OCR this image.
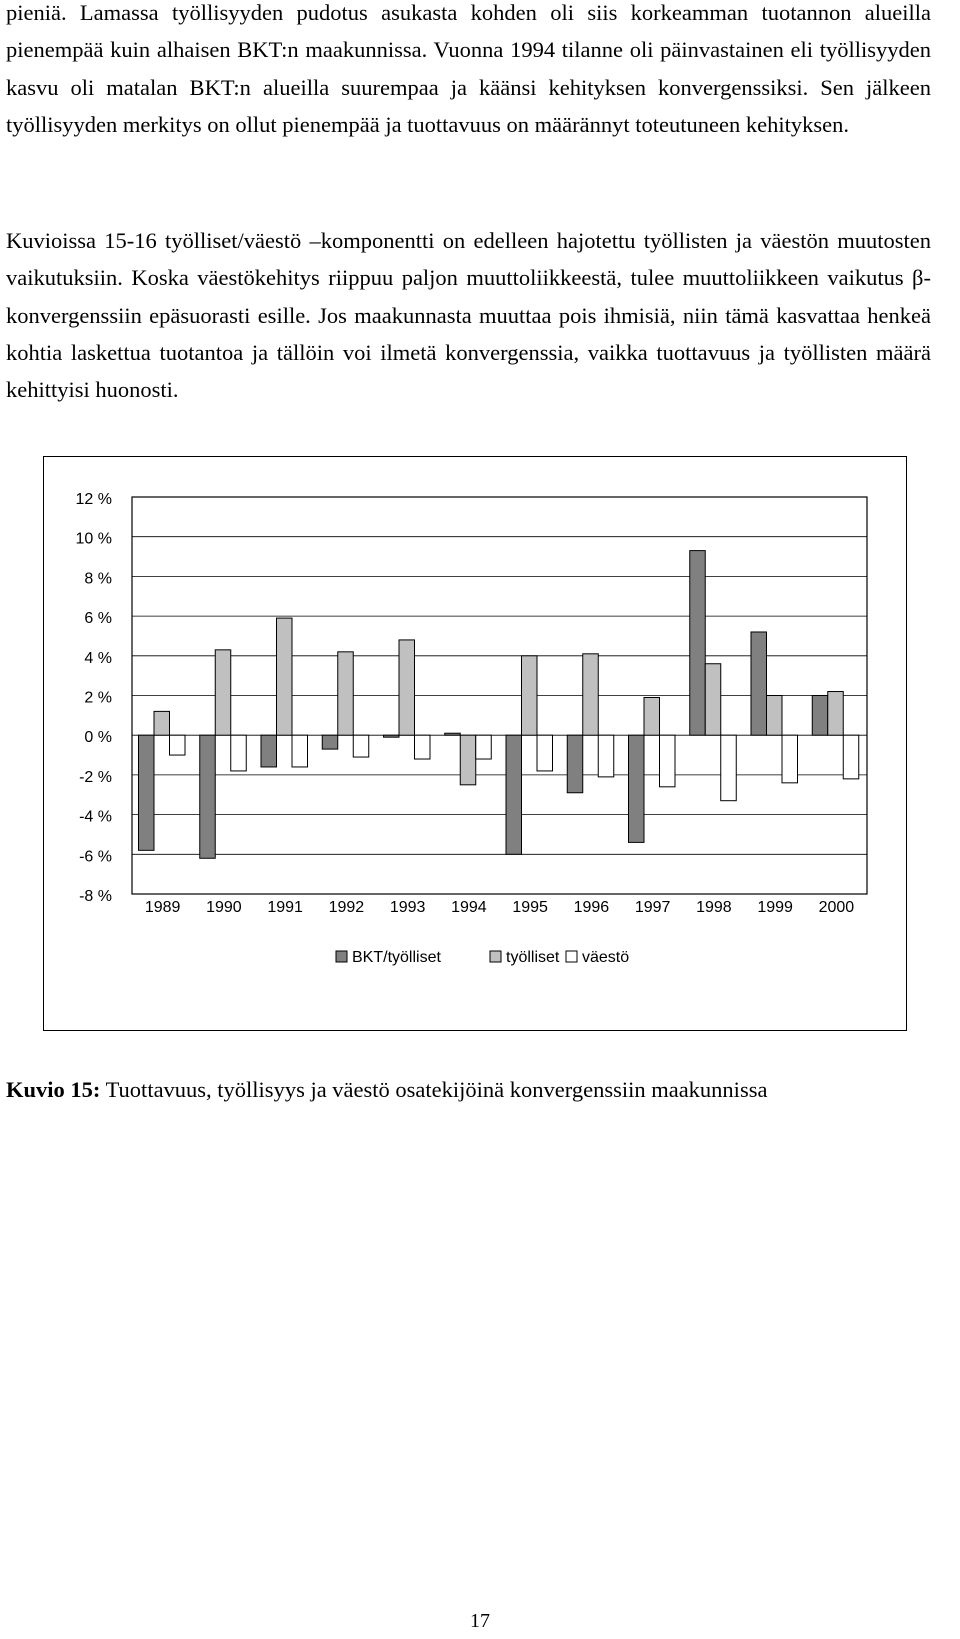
pieniä. Lamassa työllisyyden pudotus asukasta kohden oli siis korkeamman tuotannon alueilla pienempää kuin alhaisen BKT:n maakunnissa. Vuonna 1994 tilanne oli päinvastainen eli työllisyyden kasvu oli matalan BKT:n alueilla suurempaa ja käänsi kehityksen konvergenssiksi. Sen jälkeen työllisyyden merkitys on ollut pienempää ja tuottavuus on määrännyt toteutuneen kehityksen.

Kuvioissa 15-16 työlliset/väestö –komponentti on edelleen hajotettu työllisten ja väestön muutosten vaikutuksiin. Koska väestökehitys riippuu paljon muuttoliikkeestä, tulee muuttoliikkeen vaikutus β-konvergenssiin epäsuorasti esille. Jos maakunnasta muuttaa pois ihmisiä, niin tämä kasvattaa henkeä kohtia laskettua tuotantoa ja tällöin voi ilmetä konvergenssia, vaikka tuottavuus ja työllisten määrä kehittyisi huonosti.

12 %
10 %
8 %
6 %
4 %
2 %
0 %
-2 %
-4 %
-6 %
-8 %
1989 1990 1991 1992 1993 1994 1995 1996 1997 1998 1999 2000
BKT/työlliset	työlliset väestö

Kuvio 15: Tuottavuus, työllisyys ja väestö osatekijöinä konvergenssiin maakunnissa

17
